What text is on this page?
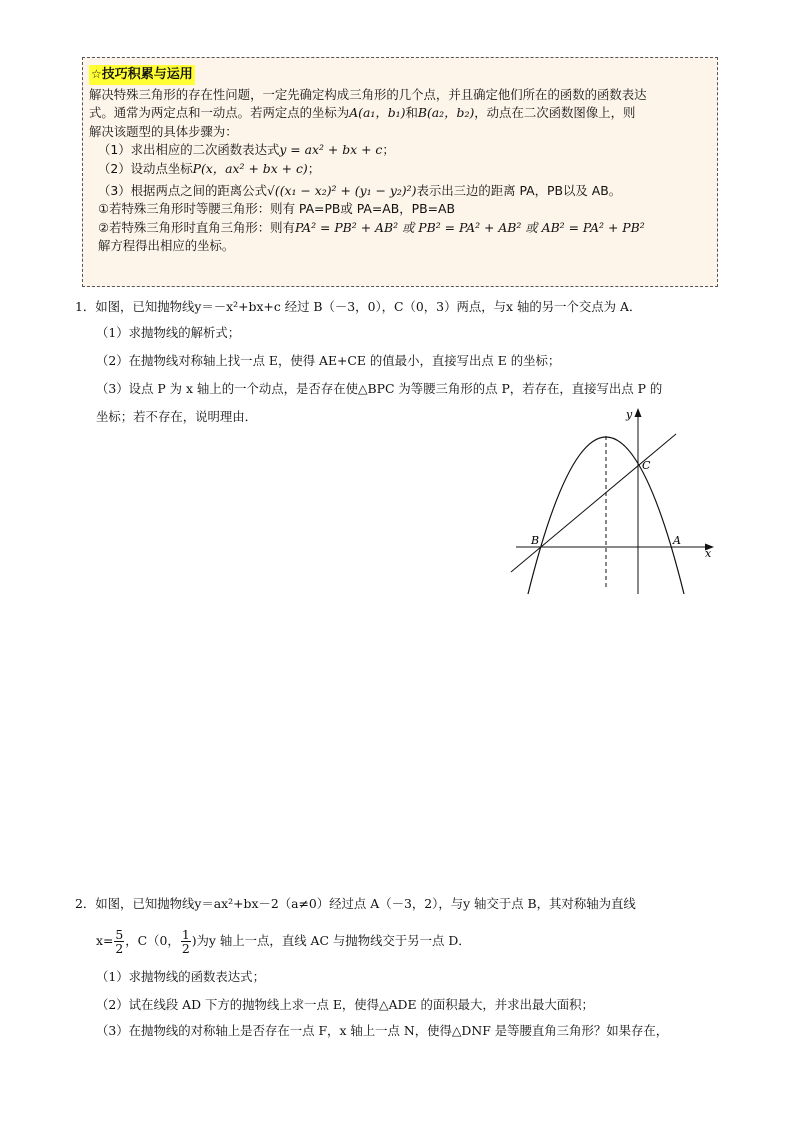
☆技巧积累与运用
解决特殊三角形的存在性问题，一定先确定构成三角形的几个点，并且确定他们所在的函数的函数表达
式。通常为两定点和一动点。若两定点的坐标为A(a₁，b₁)和B(a₂，b₂)，动点在二次函数图像上，则
解决该题型的具体步骤为：
（1）求出相应的二次函数表达式y = ax² + bx + c；
（2）设动点坐标P(x，ax² + bx + c)；
（3）根据两点之间的距离公式√((x₁ − x₂)² + (y₁ − y₂)²)表示出三边的距离 PA，PB以及 AB。
①若特殊三角形时等腰三角形：则有 PA=PB或 PA=AB，PB=AB
②若特殊三角形时直角三角形：则有PA² = PB² + AB² 或 PB² = PA² + AB² 或 AB² = PA² + PB²
解方程得出相应的坐标。
1．如图，已知抛物线y＝－x²+bx+c 经过 B（－3，0），C（0，3）两点，与x 轴的另一个交点为 A．
（1）求抛物线的解析式；
（2）在抛物线对称轴上找一点 E，使得 AE+CE 的值最小，直接写出点 E 的坐标；
（3）设点 P 为 x 轴上的一个动点，是否存在使△BPC 为等腰三角形的点 P，若存在，直接写出点 P 的
坐标；若不存在，说明理由．	y
x
B	A
C
2．如图，已知抛物线y＝ax²+bx－2（a≠0）经过点 A（－3，2），与y 轴交于点 B，其对称轴为直线
$x= \frac{5}{2}$ ，C（0， $\frac{1}{2}$ )为y 轴上一点，直线 AC 与抛物线交于另一点 D．
（1）求抛物线的函数表达式；
（2）试在线段 AD 下方的抛物线上求一点 E，使得△ADE 的面积最大，并求出最大面积；
（3）在抛物线的对称轴上是否存在一点 F，x 轴上一点 N，使得△DNF 是等腰直角三角形？如果存在，
